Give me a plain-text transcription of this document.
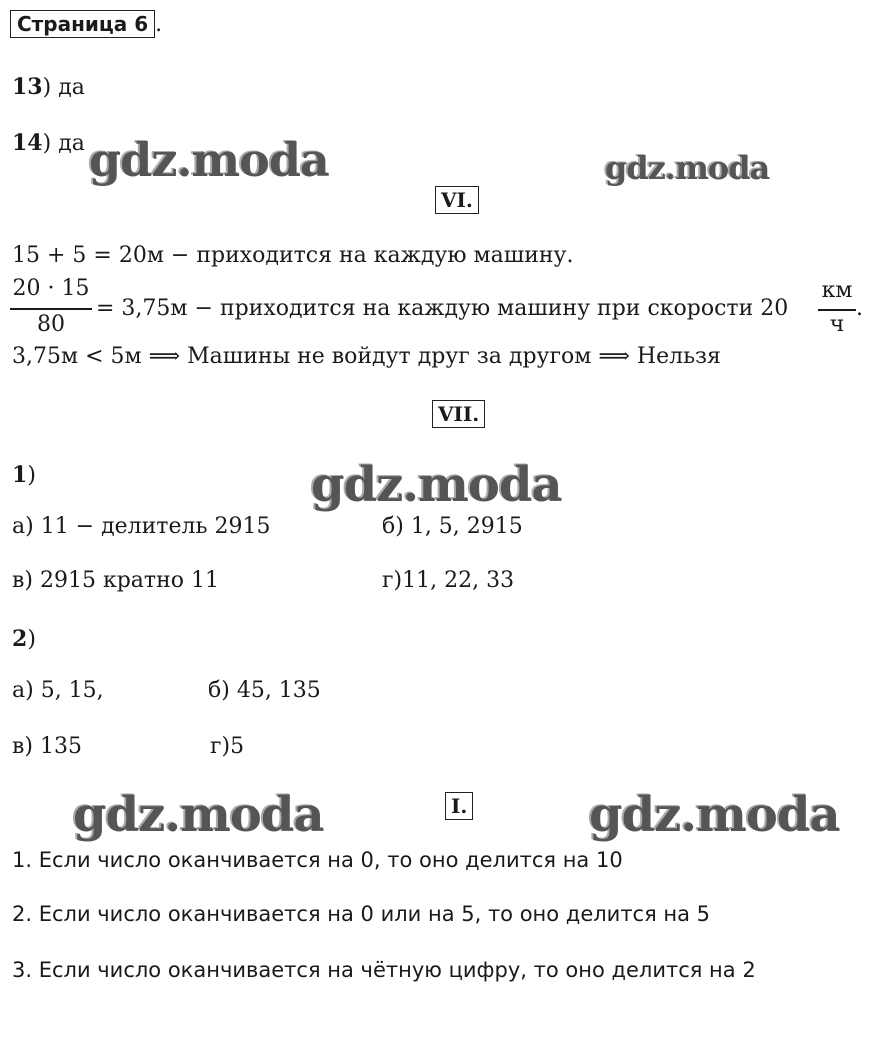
Страница 6 .
13) да
14) да gdz.moda	gdz.moda
VI.
15 + 5 = 20м − приходится на каждую машину.
20 · 15
80
= 3,75м − приходится на каждую машину при скорости 20
км
ч
.
3,75м < 5м ⟹ Машины не войдут друг за другом ⟹ Нельзя
VII.
1)	gdz.moda
а) 11 − делитель 2915	б) 1, 5, 2915
в) 2915 кратно 11	г)11, 22, 33
2)
а) 5, 15,	б) 45, 135
в) 135	г)5
gdz.moda	I.	gdz.moda
1. Если число оканчивается на 0, то оно делится на 10
2. Если число оканчивается на 0 или на 5, то оно делится на 5
3. Если число оканчивается на чётную цифру, то оно делится на 2
